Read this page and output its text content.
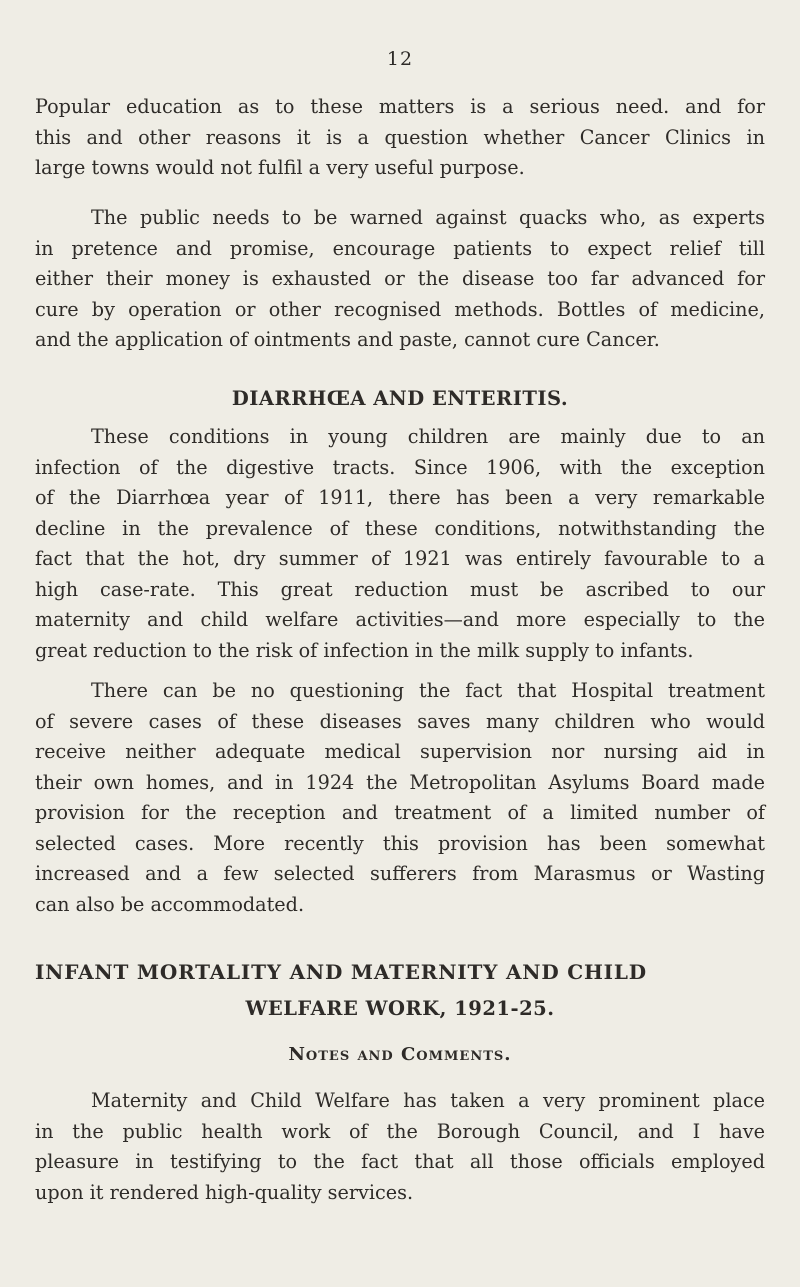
12
Popular education as to these matters is a serious need. and for
this and other reasons it is a question whether Cancer Clinics in
large towns would not fulfil a very useful purpose.
The public needs to be warned against quacks who, as experts
in pretence and promise, encourage patients to expect relief till
either their money is exhausted or the disease too far advanced for
cure by operation or other recognised methods. Bottles of medicine,
and the application of ointments and paste, cannot cure Cancer.
DIARRHŒA AND ENTERITIS.
These conditions in young children are mainly due to an
infection of the digestive tracts. Since 1906, with the exception
of the Diarrhœa year of 1911, there has been a very remarkable
decline in the prevalence of these conditions, notwithstanding the
fact that the hot, dry summer of 1921 was entirely favourable to a
high case-rate. This great reduction must be ascribed to our
maternity and child welfare activities—and more especially to the
great reduction to the risk of infection in the milk supply to infants.
There can be no questioning the fact that Hospital treatment
of severe cases of these diseases saves many children who would
receive neither adequate medical supervision nor nursing aid in
their own homes, and in 1924 the Metropolitan Asylums Board made
provision for the reception and treatment of a limited number of
selected cases. More recently this provision has been somewhat
increased and a few selected sufferers from Marasmus or Wasting
can also be accommodated.
INFANT MORTALITY AND MATERNITY AND CHILD
WELFARE WORK, 1921-25.
Notes and Comments.
Maternity and Child Welfare has taken a very prominent place
in the public health work of the Borough Council, and I have
pleasure in testifying to the fact that all those officials employed
upon it rendered high-quality services.
